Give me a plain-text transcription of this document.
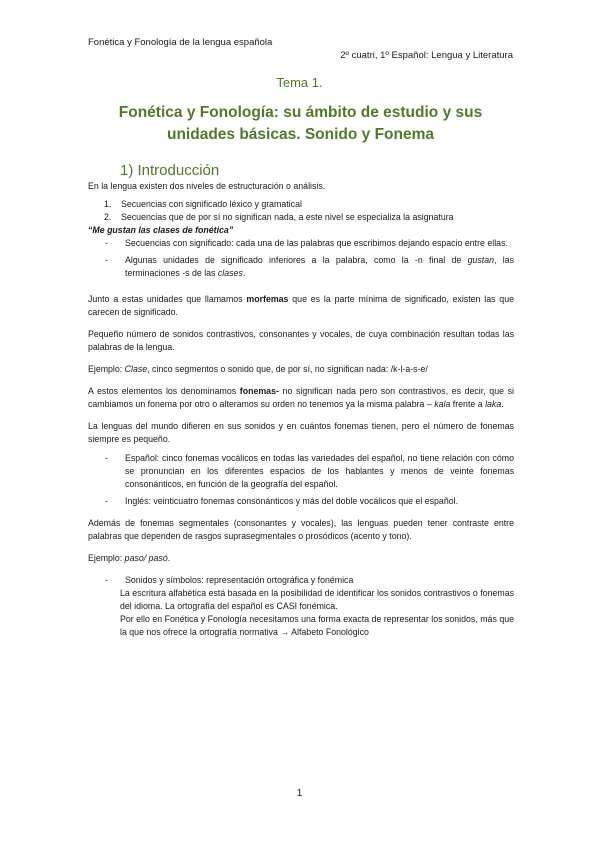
Fonética y Fonología de la lengua española
2º cuatri, 1º Español: Lengua y Literatura
Tema 1.
Fonética y Fonología: su ámbito de estudio y sus unidades básicas. Sonido y Fonema
1) Introducción

En la lengua existen dos niveles de estructuración o análisis.

1. Secuencias con significado léxico y gramatical
2. Secuencias que de por sí no significan nada, a este nivel se especializa la asignatura

“Me gustan las clases de fonética”

- Secuencias con significado: cada una de las palabras que escribimos dejando espacio entre ellas.
- Algunas unidades de significado inferiores a la palabra, como la -n final de gustan, las terminaciones -s de las clases.

Junto a estas unidades que llamamos morfemas que es la parte mínima de significado, existen las que carecen de significado.

Pequeño número de sonidos contrastivos, consonantes y vocales, de cuya combinación resultan todas las palabras de la lengua.

Ejemplo: Clase, cinco segmentos o sonido que, de por sí, no significan nada: /k-l-a-s-e/

A estos elementos los denominamos fonemas- no significan nada pero son contrastivos, es decir, que si cambiamos un fonema por otro o alteramos su orden no tenemos ya la misma palabra – kala frente a laka.

La lenguas del mundo difieren en sus sonidos y en cuántos fonemas tienen, pero el número de fonemas siempre es pequeño.

- Español: cinco fonemas vocálicos en todas las variedades del español, no tiene relación con cómo se pronuncian en los diferentes espacios de los hablantes y menos de veinte fonemas consonánticos, en función de la geografía del español.
- Inglés: veinticuatro fonemas consonánticos y más del doble vocálicos que el español.

Además de fonemas segmentales (consonantes y vocales), las lenguas pueden tener contraste entre palabras que dependen de rasgos suprasegmentales o prosódicos (acento y tono).

Ejemplo: paso/ pasó.

- Sonidos y símbolos: representación ortográfica y fonémica

La escritura alfabética está basada en la posibilidad de identificar los sonidos contrastivos o fonemas del idioma. La ortografía del español es CASI fonémica.

Por ello en Fonética y Fonología necesitamos una forma exacta de representar los sonidos, más que la que nos ofrece la ortografía normativa → Alfabeto Fonológico

1
